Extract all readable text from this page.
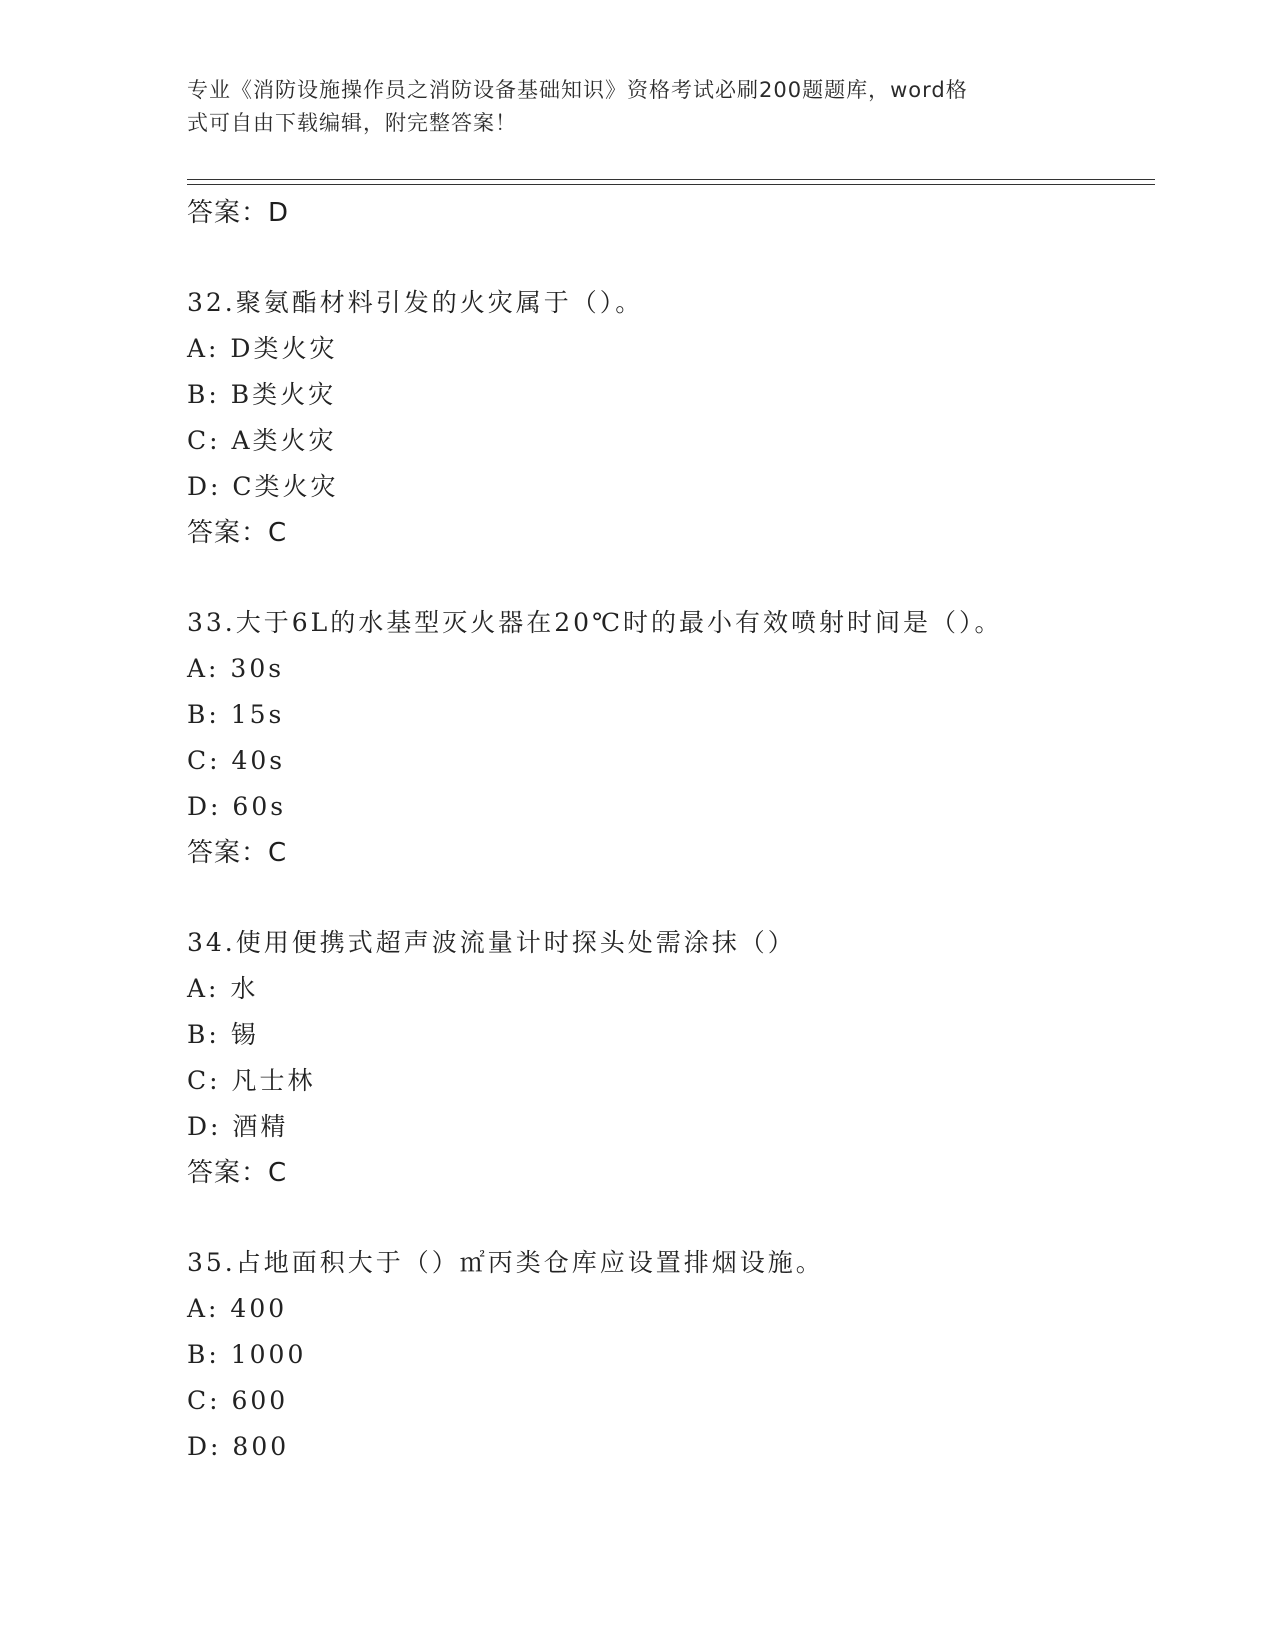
专业《消防设施操作员之消防设备基础知识》资格考试必刷200题题库，word格
式可自由下载编辑，附完整答案！
答案：D
32.聚氨酯材料引发的火灾属于（）。
A: D类火灾
B: B类火灾
C: A类火灾
D: C类火灾
答案：C
33.大于6L的水基型灭火器在20℃时的最小有效喷射时间是（）。
A: 30s
B: 15s
C: 40s
D: 60s
答案：C
34.使用便携式超声波流量计时探头处需涂抹（）
A: 水
B: 锡
C: 凡士林
D: 酒精
答案：C
35.占地面积大于（）㎡丙类仓库应设置排烟设施。
A: 400
B: 1000
C: 600
D: 800
